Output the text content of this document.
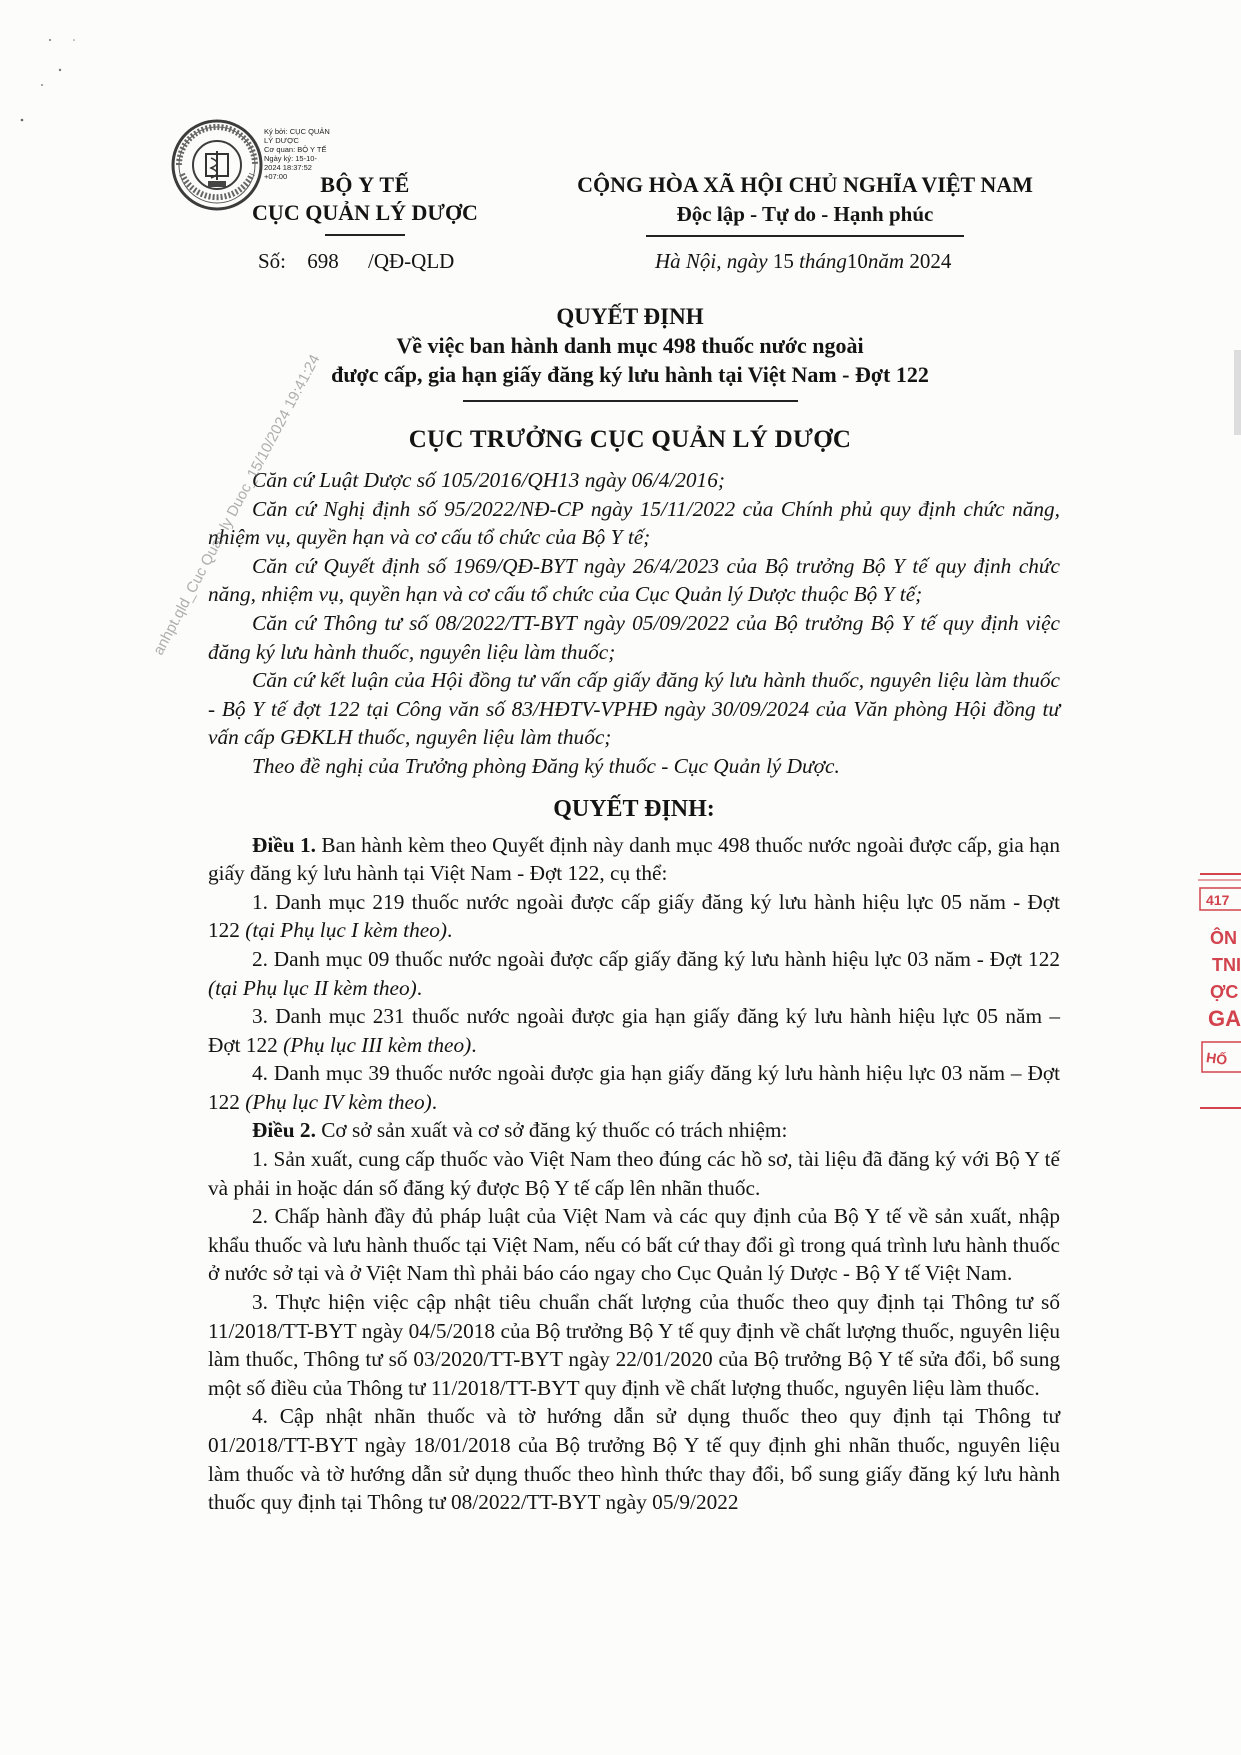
Ký bởi: CỤC QUẢN
LÝ DƯỢC
Cơ quan: BỘ Y TẾ
Ngày ký: 15-10-
2024 18:37:52
+07:00	BỘ Y TẾ
CỤC QUẢN LÝ DƯỢC
CỘNG HÒA XÃ HỘI CHỦ NGHĨA VIỆT NAM
Độc lập - Tự do - Hạnh phúc
Số: 698 /QĐ-QLD	Hà Nội, ngày 15 tháng10năm 2024
QUYẾT ĐỊNH
Về việc ban hành danh mục 498 thuốc nước ngoài
được cấp, gia hạn giấy đăng ký lưu hành tại Việt Nam - Đợt 122
CỤC TRƯỞNG CỤC QUẢN LÝ DƯỢC

Căn cứ Luật Dược số 105/2016/QH13 ngày 06/4/2016;

Căn cứ Nghị định số 95/2022/NĐ-CP ngày 15/11/2022 của Chính phủ quy định chức năng, nhiệm vụ, quyền hạn và cơ cấu tổ chức của Bộ Y tế;

Căn cứ Quyết định số 1969/QĐ-BYT ngày 26/4/2023 của Bộ trưởng Bộ Y tế quy định chức năng, nhiệm vụ, quyền hạn và cơ cấu tổ chức của Cục Quản lý Dược thuộc Bộ Y tế;

Căn cứ Thông tư số 08/2022/TT-BYT ngày 05/09/2022 của Bộ trưởng Bộ Y tế quy định việc đăng ký lưu hành thuốc, nguyên liệu làm thuốc;

Căn cứ kết luận của Hội đồng tư vấn cấp giấy đăng ký lưu hành thuốc, nguyên liệu làm thuốc - Bộ Y tế đợt 122 tại Công văn số 83/HĐTV-VPHĐ ngày 30/09/2024 của Văn phòng Hội đồng tư vấn cấp GĐKLH thuốc, nguyên liệu làm thuốc;

Theo đề nghị của Trưởng phòng Đăng ký thuốc - Cục Quản lý Dược.

QUYẾT ĐỊNH:

Điều 1. Ban hành kèm theo Quyết định này danh mục 498 thuốc nước ngoài được cấp, gia hạn giấy đăng ký lưu hành tại Việt Nam - Đợt 122, cụ thể:

1. Danh mục 219 thuốc nước ngoài được cấp giấy đăng ký lưu hành hiệu lực 05 năm - Đợt 122 (tại Phụ lục I kèm theo).

2. Danh mục 09 thuốc nước ngoài được cấp giấy đăng ký lưu hành hiệu lực 03 năm - Đợt 122 (tại Phụ lục II kèm theo).

3. Danh mục 231 thuốc nước ngoài được gia hạn giấy đăng ký lưu hành hiệu lực 05 năm – Đợt 122 (Phụ lục III kèm theo).

4. Danh mục 39 thuốc nước ngoài được gia hạn giấy đăng ký lưu hành hiệu lực 03 năm – Đợt 122 (Phụ lục IV kèm theo).

Điều 2. Cơ sở sản xuất và cơ sở đăng ký thuốc có trách nhiệm:

1. Sản xuất, cung cấp thuốc vào Việt Nam theo đúng các hồ sơ, tài liệu đã đăng ký với Bộ Y tế và phải in hoặc dán số đăng ký được Bộ Y tế cấp lên nhãn thuốc.

2. Chấp hành đầy đủ pháp luật của Việt Nam và các quy định của Bộ Y tế về sản xuất, nhập khẩu thuốc và lưu hành thuốc tại Việt Nam, nếu có bất cứ thay đổi gì trong quá trình lưu hành thuốc ở nước sở tại và ở Việt Nam thì phải báo cáo ngay cho Cục Quản lý Dược - Bộ Y tế Việt Nam.

3. Thực hiện việc cập nhật tiêu chuẩn chất lượng của thuốc theo quy định tại Thông tư số 11/2018/TT-BYT ngày 04/5/2018 của Bộ trưởng Bộ Y tế quy định về chất lượng thuốc, nguyên liệu làm thuốc, Thông tư số 03/2020/TT-BYT ngày 22/01/2020 của Bộ trưởng Bộ Y tế sửa đổi, bổ sung một số điều của Thông tư 11/2018/TT-BYT quy định về chất lượng thuốc, nguyên liệu làm thuốc.

4. Cập nhật nhãn thuốc và tờ hướng dẫn sử dụng thuốc theo quy định tại Thông tư 01/2018/TT-BYT ngày 18/01/2018 của Bộ trưởng Bộ Y tế quy định ghi nhãn thuốc, nguyên liệu làm thuốc và tờ hướng dẫn sử dụng thuốc theo hình thức thay đổi, bổ sung giấy đăng ký lưu hành thuốc quy định tại Thông tư 08/2022/TT-BYT ngày 05/9/2022

anhpt.qld_Cuc Quan ly Duoc_15/10/2024 19:41:24
417
ÔN
TNI
ỢC
GA
HỐ
